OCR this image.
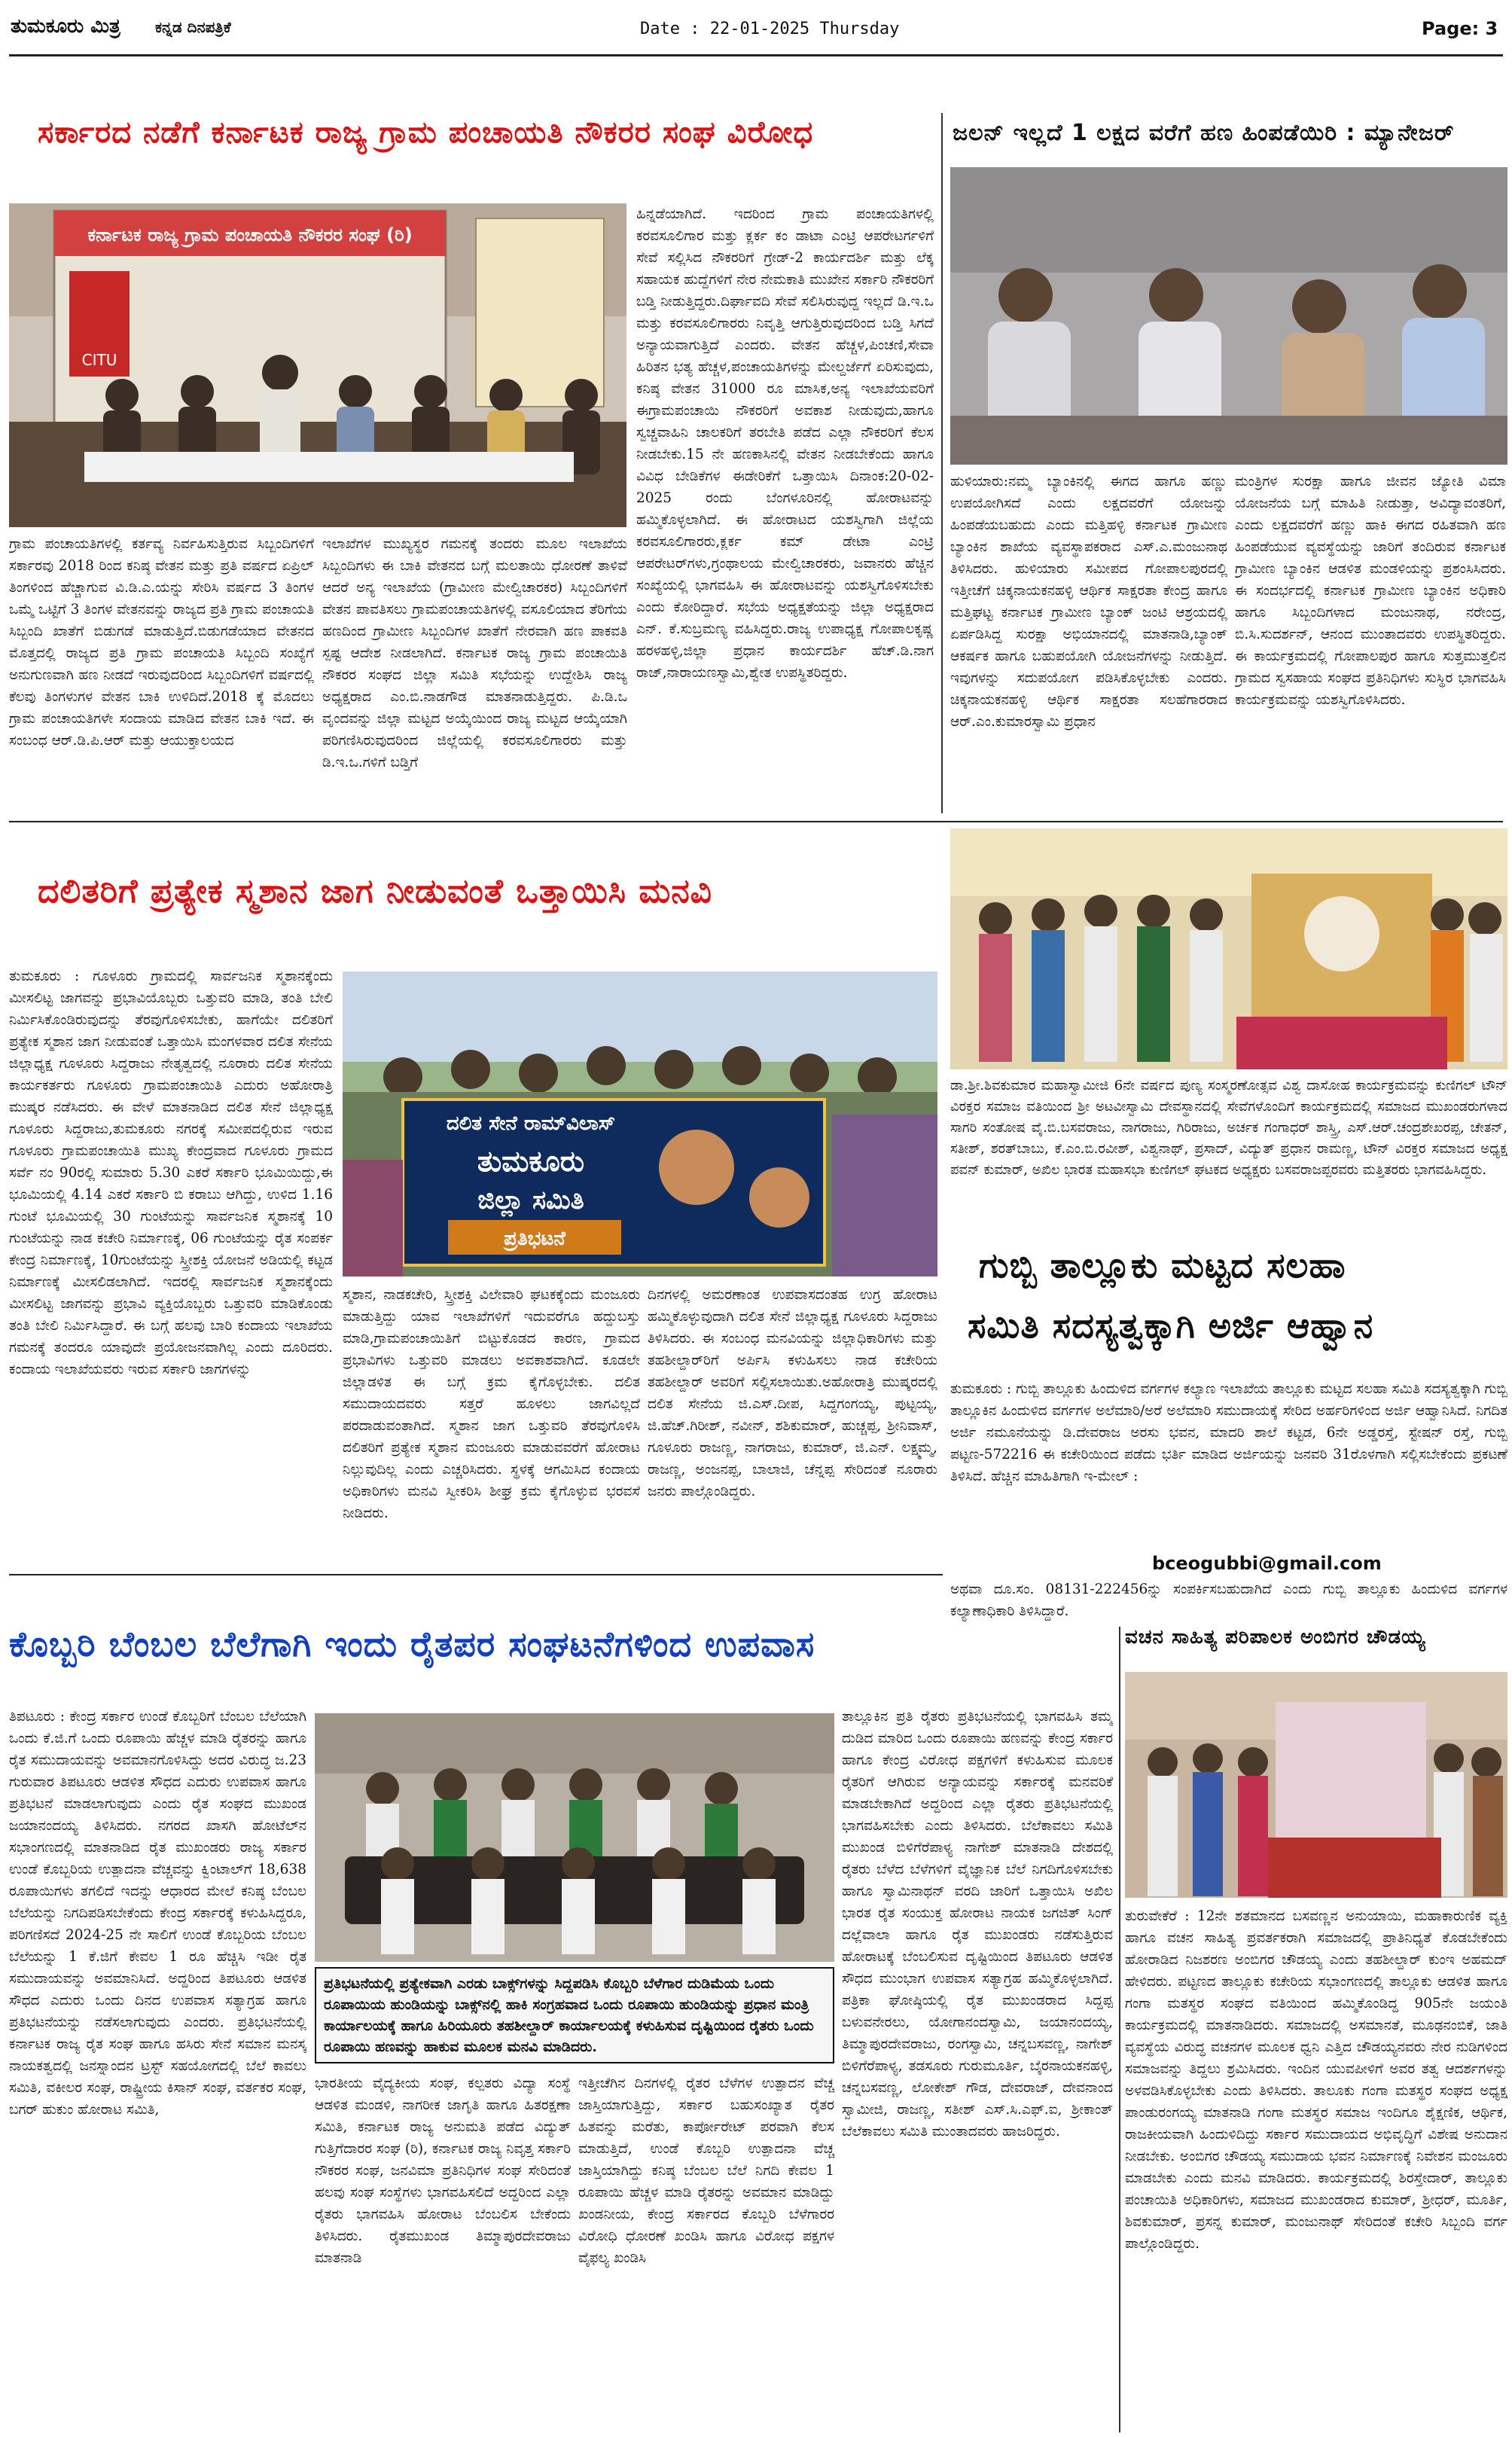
ತುಮಕೂರು ಮಿತ್ರ	ಕನ್ನಡ ದಿನಪತ್ರಿಕೆ	Date : 22-01-2025 Thursday	Page: 3
ಸರ್ಕಾರದ ನಡೆಗೆ ಕರ್ನಾಟಕ ರಾಜ್ಯ ಗ್ರಾಮ ಪಂಚಾಯತಿ ನೌಕರರ ಸಂಘ ವಿರೋಧ
ಕರ್ನಾಟಕ ರಾಜ್ಯ ಗ್ರಾಮ ಪಂಚಾಯತಿ ನೌಕರರ ಸಂಘ (ರಿ)
CITU
ಗ್ರಾಮ ಪಂಚಾಯತಿಗಳಲ್ಲಿ ಕರ್ತವ್ಯ ನಿರ್ವಹಿಸುತ್ತಿರುವ ಸಿಬ್ಬಂದಿಗಳಿಗೆ ಸರ್ಕಾರವು 2018 ರಿಂದ ಕನಿಷ್ಠ ವೇತನ ಮತ್ತು ಪ್ರತಿ ವರ್ಷದ ಏಪ್ರಿಲ್ ತಿಂಗಳಿಂದ ಹೆಚ್ಚಾಗುವ ವಿ.ಡಿ.ಎ.ಯನ್ನು ಸೇರಿಸಿ ವರ್ಷದ 3 ತಿಂಗಳ ಒಮ್ಮೆ ಒಟ್ಟಿಗೆ 3 ತಿಂಗಳ ವೇತನವನ್ನು ರಾಜ್ಯದ ಪ್ರತಿ ಗ್ರಾಮ ಪಂಚಾಯತಿ ಸಿಬ್ಬಂದಿ ಖಾತೆಗೆ ಬಿಡುಗಡೆ ಮಾಡುತ್ತಿದೆ.ಬಿಡುಗಡೆಯಾದ ವೇತನದ ಮೊತ್ತದಲ್ಲಿ ರಾಜ್ಯದ ಪ್ರತಿ ಗ್ರಾಮ ಪಂಚಾಯತಿ ಸಿಬ್ಬಂದಿ ಸಂಖ್ಯೆಗೆ ಅನುಗುಣವಾಗಿ ಹಣ ನೀಡದೆ ಇರುವುದರಿಂದ ಸಿಬ್ಬಂದಿಗಳಿಗೆ ವರ್ಷದಲ್ಲಿ ಕೆಲವು ತಿಂಗಳುಗಳ ವೇತನ ಬಾಕಿ ಉಳಿದಿದೆ.2018 ಕ್ಕೆ ಮೊದಲು ಗ್ರಾಮ ಪಂಚಾಯತಿಗಳೇ ಸಂದಾಯ ಮಾಡಿದ ವೇತನ ಬಾಕಿ ಇದೆ. ಈ ಸಂಬಂಧ ಆರ್.ಡಿ.ಪಿ.ಆರ್ ಮತ್ತು ಆಯುಕ್ತಾಲಯದ
ಇಲಾಖೆಗಳ ಮುಖ್ಯಸ್ಥರ ಗಮನಕ್ಕೆ ತಂದರು ಮೂಲ ಇಲಾಖೆಯ ಸಿಬ್ಬಂದಿಗಳು ಈ ಬಾಕಿ ವೇತನದ ಬಗ್ಗೆ ಮಲತಾಯಿ ಧೋರಣೆ ತಾಳಿವೆ ಆದರೆ ಅನ್ಯ ಇಲಾಖೆಯ (ಗ್ರಾಮೀಣ ಮೇಲ್ವಿಚಾರಕರ) ಸಿಬ್ಬಂದಿಗಳಿಗೆ ವೇತನ ಪಾವತಿಸಲು ಗ್ರಾಮಪಂಚಾಯತಿಗಳಲ್ಲಿ ವಸೂಲಿಯಾದ ತೆರಿಗೆಯ ಹಣದಿಂದ ಗ್ರಾಮೀಣ ಸಿಬ್ಬಂದಿಗಳ ಖಾತೆಗೆ ನೇರವಾಗಿ ಹಣ ಪಾಕವತಿ ಸ್ಪಷ್ಟ ಆದೇಶ ನೀಡಲಾಗಿದೆ. ಕರ್ನಾಟಕ ರಾಜ್ಯ ಗ್ರಾಮ ಪಂಚಾಯಿತಿ ನೌಕರರ ಸಂಘದ ಜಿಲ್ಲಾ ಸಮಿತಿ ಸಭೆಯನ್ನು ಉದ್ದೇಶಿಸಿ ರಾಜ್ಯ ಅಧ್ಯಕ್ಷರಾದ ಎಂ.ಬಿ.ನಾಡಗೌಡ ಮಾತನಾಡುತ್ತಿದ್ದರು. ಪಿ.ಡಿ.ಒ ವೃಂದವನ್ನು ಜಿಲ್ಲಾ ಮಟ್ಟದ ಅಯ್ಕೆಯಿಂದ ರಾಜ್ಯ ಮಟ್ಟದ ಆಯ್ಕೆಯಾಗಿ ಪರಿಗಣಿಸಿರುವುದರಿಂದ ಜಿಲ್ಲೆಯಲ್ಲಿ ಕರವಸೂಲಿಗಾರರು ಮತ್ತು ಡಿ.ಇ.ಒ.ಗಳಿಗೆ ಬಡ್ತಿಗೆ
ಹಿನ್ನಡೆಯಾಗಿದೆ. ಇದರಿಂದ ಗ್ರಾಮ ಪಂಚಾಯತಿಗಳಲ್ಲಿ ಕರವಸೂಲಿಗಾರ ಮತ್ತು ಕ್ಲರ್ಕ ಕಂ ಡಾಟಾ ಎಂಟ್ರಿ ಆಪರೇಟರ್ಗಳಿಗೆ ಸೇವೆ ಸಲ್ಲಿಸಿದ ನೌಕರರಿಗೆ ಗ್ರೇಡ್-2 ಕಾರ್ಯದರ್ಶಿ ಮತ್ತು ಲೆಕ್ಕ ಸಹಾಯಕ ಹುದ್ದೆಗಳಿಗೆ ನೇರ ನೇಮಕಾತಿ ಮುಖೇನ ಸರ್ಕಾರಿ ನೌಕರರಿಗೆ ಬಡ್ತಿ ನೀಡುತ್ತಿದ್ದರು.ದಿರ್ಘಾವದಿ ಸೇವೆ ಸಲಿಸಿರುವುದ್ದ ಇಲ್ಲದೆ ಡಿ.ಇ.ಒ ಮತ್ತು ಕರವಸೂಲಿಗಾರರು ನಿವೃತ್ತಿ ಆಗುತ್ತಿರುವುದರಿಂದ ಬಡ್ತಿ ಸಿಗದೆ ಅನ್ಯಾಯವಾಗುತ್ತಿದೆ ಎಂದರು. ವೇತನ ಹೆಚ್ಚಳ,ಪಿಂಚಣಿ,ಸೇವಾ ಹಿರಿತನ ಭತ್ಯ ಹೆಚ್ಚಳ,ಪಂಚಾಯತಿಗಳನ್ನು ಮೇಲ್ದರ್ಜೆಗೆ ಏರಿಸುವುದು, ಕನಿಷ್ಠ ವೇತನ 31000 ರೂ ಮಾಸಿಕ,ಅನ್ಯ ಇಲಾಖೆಯವರಿಗೆ ಈಗ್ರಾಮಪಂಚಾಯಿ ನೌಕರರಿಗೆ ಅವಕಾಶ ನೀಡುವುದು,ಹಾಗೂ ಸ್ವಚ್ಚವಾಹಿನಿ ಚಾಲಕರಿಗೆ ತರಬೇತಿ ಪಡೆದ ಎಲ್ಲಾ ನೌಕರರಿಗೆ ಕೆಲಸ ನೀಡಬೇಕು.15 ನೇ ಹಣಕಾಸಿನಲ್ಲಿ ವೇತನ ನೀಡಬೇಕೆಂದು ಹಾಗೂ ವಿವಿಧ ಬೇಡಿಕೆಗಳ ಈಡೇರಿಕೆಗೆ ಒತ್ತಾಯಿಸಿ ದಿನಾಂಕ:20-02-2025 ರಂದು ಬೆಂಗಳೂರಿನಲ್ಲಿ ಹೋರಾಟವನ್ನು ಹಮ್ಮಿಕೊಳ್ಳಲಾಗಿದೆ. ಈ ಹೋರಾಟದ ಯಶಸ್ವಿಗಾಗಿ ಜಿಲ್ಲೆಯ ಕರವಸೂಲಿಗಾರರು,ಕ್ಲರ್ಕ ಕಮ್ ಡೇಟಾ ಎಂಟ್ರಿ ಆಪರೇಟರ್‌ಗಳು,ಗ್ರಂಥಾಲಯ ಮೇಲ್ವಿಚಾರಕರು, ಜವಾನರು ಹೆಚ್ಚಿನ ಸಂಖ್ಯೆಯಲ್ಲಿ ಭಾಗವಹಿಸಿ ಈ ಹೋರಾಟವನ್ನು ಯಶಸ್ವಿಗೊಳಿಸಬೇಕು ಎಂದು ಕೋರಿದ್ದಾರೆ. ಸಭೆಯ ಅಧ್ಯಕ್ಷತೆಯನ್ನು ಜಿಲ್ಲಾ ಅಧ್ಯಕ್ಷರಾದ ಎನ್. ಕೆ.ಸುಬ್ರಮಣ್ಯ ವಹಿಸಿದ್ದರು.ರಾಜ್ಯ ಉಪಾಧ್ಯಕ್ಷ ಗೋಪಾಲಕೃಷ್ಣ ಹರಳಹಳ್ಳಿ,ಜಿಲ್ಲಾ ಪ್ರಧಾನ ಕಾರ್ಯದರ್ಶಿ ಹೆಚ್.ಡಿ.ನಾಗ ರಾಜ್,ನಾರಾಯಣಸ್ವಾಮಿ,ಶ್ವೇತ ಉಪಸ್ಥಿತರಿದ್ದರು.
ಜಲನ್ ಇಲ್ಲದೆ 1 ಲಕ್ಷದ ವರೆಗೆ ಹಣ ಹಿಂಪಡೆಯಿರಿ : ಮ್ಯಾನೇಜರ್
ಹುಳಿಯಾರು:ನಮ್ಮ ಬ್ಯಾಂಕಿನಲ್ಲಿ ಈಗದ ಹಾಗೂ ಹಣ್ಣು ಉಪಯೋಗಿಸದೆ ಎಂದು ಲಕ್ಷದವರೆಗೆ ಯೋಜನ್ನು ಹಿಂಪಡೆಯಬಹುದು ಎಂದು ಮತ್ತಿಹಳ್ಳಿ ಕರ್ನಾಟಕ ಗ್ರಾಮೀಣ ಬ್ಯಾಂಕಿನ ಶಾಖೆಯ ವ್ಯವಸ್ಥಾಪಕರಾದ ಎಸ್.ಎ.ಮಂಜುನಾಥ ತಿಳಿಸಿದರು. ಹುಳಿಯಾರು ಸಮೀಪದ ಗೋಪಾಲಪುರದಲ್ಲಿ ಇತ್ತೀಚೆಗೆ ಚಿಕ್ಕನಾಯಕನಹಳ್ಳಿ ಆರ್ಥಿಕ ಸಾಕ್ಷರತಾ ಕೇಂದ್ರ ಹಾಗೂ ಮತ್ತಿಘಟ್ಟ ಕರ್ನಾಟಕ ಗ್ರಾಮೀಣ ಬ್ಯಾಂಕ್ ಜಂಟಿ ಆಶ್ರಯದಲ್ಲಿ ಏರ್ಪಡಿಸಿದ್ದ ಸುರಕ್ಷಾ ಅಭಿಯಾನದಲ್ಲಿ ಮಾತನಾಡಿ,ಬ್ಯಾಂಕ್ ಆಕರ್ಷಕ ಹಾಗೂ ಬಹುಪಯೋಗಿ ಯೋಜನೆಗಳನ್ನು ನೀಡುತ್ತಿದೆ. ಇವುಗಳನ್ನು ಸದುಪಯೋಗ ಪಡಿಸಿಕೊಳ್ಳಬೇಕು ಎಂದರು. ಚಿಕ್ಕನಾಯಕನಹಳ್ಳಿ ಆರ್ಥಿಕ ಸಾಕ್ಷರತಾ ಸಲಹೆಗಾರರಾದ ಆರ್.ಎಂ.ಕುಮಾರಸ್ವಾಮಿ ಪ್ರಧಾನ
ಮಂತ್ರಿಗಳ ಸುರಕ್ಷಾ ಹಾಗೂ ಜೀವನ ಜ್ಯೋತಿ ವಿಮಾ ಯೋಜನೆಯ ಬಗ್ಗೆ ಮಾಹಿತಿ ನೀಡುತ್ತಾ, ಅವಿದ್ಯಾವಂತರಿಗೆ, ಎಂದು ಲಕ್ಷದವರೆಗೆ ಹಣ್ಣು ಹಾಕಿ ಈಗದ ರಹಿತವಾಗಿ ಹಣ ಹಿಂಪಡೆಯುವ ವ್ಯವಸ್ಥೆಯನ್ನು ಜಾರಿಗೆ ತಂದಿರುವ ಕರ್ನಾಟಕ ಗ್ರಾಮೀಣ ಬ್ಯಾಂಕಿನ ಆಡಳಿತ ಮಂಡಳಿಯನ್ನು ಪ್ರಶಂಸಿಸಿದರು. ಈ ಸಂದರ್ಭದಲ್ಲಿ ಕರ್ನಾಟಕ ಗ್ರಾಮೀಣ ಬ್ಯಾಂಕಿನ ಅಧಿಕಾರಿ ಹಾಗೂ ಸಿಬ್ಬಂದಿಗಳಾದ ಮಂಜುನಾಥ, ನರೇಂದ್ರ, ಬಿ.ಸಿ.ಸುದರ್ಶನ್, ಆನಂದ ಮುಂತಾದವರು ಉಪಸ್ಥಿತರಿದ್ದರು. ಈ ಕಾರ್ಯಕ್ರಮದಲ್ಲಿ ಗೋಪಾಲಪುರ ಹಾಗೂ ಸುತ್ತಮುತ್ತಲಿನ ಗ್ರಾಮದ ಸ್ವಸಹಾಯ ಸಂಘದ ಪ್ರತಿನಿಧಿಗಳು ಸುಸ್ಥಿರ ಭಾಗವಹಿಸಿ ಕಾರ್ಯಕ್ರಮವನ್ನು ಯಶಸ್ವಿಗೊಳಿಸಿದರು.
ದಲಿತರಿಗೆ ಪ್ರತ್ಯೇಕ ಸ್ಮಶಾನ ಜಾಗ ನೀಡುವಂತೆ ಒತ್ತಾಯಿಸಿ ಮನವಿ
ತುಮಕೂರು : ಗೂಳೂರು ಗ್ರಾಮದಲ್ಲಿ ಸಾರ್ವಜನಿಕ ಸ್ಮಶಾನಕ್ಕೆಂದು ಮೀಸಲಿಟ್ಟ ಜಾಗವನ್ನು ಪ್ರಭಾವಿಯೊಬ್ಬರು ಒತ್ತುವರಿ ಮಾಡಿ, ತಂತಿ ಬೇಲಿ ನಿರ್ಮಿಸಿಕೊಂಡಿರುವುದನ್ನು ತೆರವುಗೊಳಿಸಬೇಕು, ಹಾಗೆಯೇ ದಲಿತರಿಗೆ ಪ್ರತ್ಯೇಕ ಸ್ಮಶಾನ ಜಾಗ ನೀಡುವಂತೆ ಒತ್ತಾಯಿಸಿ ಮಂಗಳವಾರ ದಲಿತ ಸೇನೆಯ ಜಿಲ್ಲಾಧ್ಯಕ್ಷ ಗೂಳೂರು ಸಿದ್ದರಾಜು ನೇತೃತ್ವದಲ್ಲಿ ನೂರಾರು ದಲಿತ ಸೇನೆಯ ಕಾರ್ಯಕರ್ತರು ಗೂಳೂರು ಗ್ರಾಮಪಂಚಾಯಿತಿ ಎದುರು ಅಹೋರಾತ್ರಿ ಮುಷ್ಕರ ನಡೆಸಿದರು. ಈ ವೇಳೆ ಮಾತನಾಡಿದ ದಲಿತ ಸೇನೆ ಜಿಲ್ಲಾಧ್ಯಕ್ಷ ಗೂಳೂರು ಸಿದ್ದರಾಜು,ತುಮಕೂರು ನಗರಕ್ಕೆ ಸಮೀಪದಲ್ಲಿರುವ ಇರುವ ಗೂಳೂರು ಗ್ರಾಮಪಂಚಾಯಿತಿ ಮುಖ್ಯ ಕೇಂದ್ರವಾದ ಗೂಳೂರು ಗ್ರಾಮದ ಸರ್ವೆ ನಂ 90ರಲ್ಲಿ ಸುಮಾರು 5.30 ಎಕರೆ ಸರ್ಕಾರಿ ಭೂಮಿಯಿದ್ದು,ಈ ಭೂಮಿಯಲ್ಲಿ 4.14 ಎಕರೆ ಸರ್ಕಾರಿ ಬಿ ಕರಾಬು ಆಗಿದ್ದು, ಉಳಿದ 1.16 ಗುಂಟೆ ಭೂಮಿಯಲ್ಲಿ 30 ಗುಂಟೆಯನ್ನು ಸಾರ್ವಜನಿಕ ಸ್ಮಶಾನಕ್ಕೆ 10 ಗುಂಟೆಯನ್ನು ನಾಡ ಕಚೇರಿ ನಿರ್ಮಾಣಕ್ಕೆ, 06 ಗುಂಟೆಯನ್ನು ರೈತ ಸಂಪರ್ಕ ಕೇಂದ್ರ ನಿರ್ಮಾಣಕ್ಕೆ, 10ಗುಂಟೆಯನ್ನು ಸ್ತ್ರೀಶಕ್ತಿ ಯೋಜನೆ ಅಡಿಯಲ್ಲಿ ಕಟ್ಟಡ ನಿರ್ಮಾಣಕ್ಕೆ ಮೀಸಲಿಡಲಾಗಿದೆ. ಇದರಲ್ಲಿ ಸಾರ್ವಜನಿಕ ಸ್ಮಶಾನಕ್ಕೆಂದು ಮೀಸಲಿಟ್ಟ ಜಾಗವನ್ನು ಪ್ರಭಾವಿ ವ್ಯಕ್ತಿಯೊಬ್ಬರು ಒತ್ತುವರಿ ಮಾಡಿಕೊಂಡು ತಂತಿ ಬೇಲಿ ನಿರ್ಮಿಸಿದ್ದಾರೆ. ಈ ಬಗ್ಗೆ ಹಲವು ಬಾರಿ ಕಂದಾಯ ಇಲಾಖೆಯ ಗಮನಕ್ಕೆ ತಂದರೂ ಯಾವುದೇ ಪ್ರಯೋಜನವಾಗಿಲ್ಲ ಎಂದು ದೂರಿದರು. ಕಂದಾಯ ಇಲಾಖೆಯವರು ಇರುವ ಸರ್ಕಾರಿ ಜಾಗಗಳನ್ನು
ದಲಿತ ಸೇನೆ ರಾಮ್‌ವಿಲಾಸ್
ತುಮಕೂರು
ಜಿಲ್ಲಾ ಸಮಿತಿ
ಪ್ರತಿಭಟನೆ
ಸ್ಮಶಾನ, ನಾಡಕಚೇರಿ, ಸ್ತ್ರೀಶಕ್ತಿ ವಿಲೇವಾರಿ ಘಟಕಕ್ಕೆಂದು ಮಂಜೂರು ಮಾಡುತ್ತಿದ್ದು ಯಾವ ಇಲಾಖೆಗಳಿಗೆ ಇದುವರೆಗೂ ಹದ್ದುಬಸ್ತು ಮಾಡಿ,ಗ್ರಾಮಪಂಚಾಯಿತಿಗೆ ಬಿಟ್ಟುಕೊಡದ ಕಾರಣ, ಗ್ರಾಮದ ಪ್ರಭಾವಿಗಳು ಒತ್ತುವರಿ ಮಾಡಲು ಅವಕಾಶವಾಗಿದೆ. ಕೂಡಲೇ ಜಿಲ್ಲಾಡಳಿತ ಈ ಬಗ್ಗೆ ಕ್ರಮ ಕೈಗೊಳ್ಳಬೇಕು. ದಲಿತ ಸಮುದಾಯದವರು ಸತ್ತರೆ ಹೂಳಲು ಜಾಗವಿಲ್ಲದೆ ಪರದಾಡುವಂತಾಗಿದೆ. ಸ್ಮಶಾನ ಜಾಗ ಒತ್ತುವರಿ ತೆರವುಗೊಳಿಸಿ ದಲಿತರಿಗೆ ಪ್ರತ್ಯೇಕ ಸ್ಮಶಾನ ಮಂಜೂರು ಮಾಡುವವರೆಗೆ ಹೋರಾಟ ನಿಲ್ಲುವುದಿಲ್ಲ ಎಂದು ಎಚ್ಚರಿಸಿದರು. ಸ್ಥಳಕ್ಕೆ ಆಗಮಿಸಿದ ಕಂದಾಯ ಅಧಿಕಾರಿಗಳು ಮನವಿ ಸ್ವೀಕರಿಸಿ ಶೀಘ್ರ ಕ್ರಮ ಕೈಗೊಳ್ಳುವ ಭರವಸೆ ನೀಡಿದರು.
ದಿನಗಳಲ್ಲಿ ಅಮರಣಾಂತ ಉಪವಾಸದಂತಹ ಉಗ್ರ ಹೋರಾಟ ಹಮ್ಮಿಕೊಳ್ಳುವುದಾಗಿ ದಲಿತ ಸೇನೆ ಜಿಲ್ಲಾಧ್ಯಕ್ಷ ಗೂಳೂರು ಸಿದ್ದರಾಜು ತಿಳಿಸಿದರು. ಈ ಸಂಬಂಧ ಮನವಿಯನ್ನು ಜಿಲ್ಲಾಧಿಕಾರಿಗಳು ಮತ್ತು ತಹಶೀಲ್ದಾರ್‌ರಿಗೆ ಅರ್ಪಿಸಿ ಕಳುಹಿಸಲು ನಾಡ ಕಚೇರಿಯ ತಹಶೀಲ್ದಾರ್ ಅವರಿಗೆ ಸಲ್ಲಿಸಲಾಯಿತು.ಅಹೋರಾತ್ರಿ ಮುಷ್ಕರದಲ್ಲಿ ದಲಿತ ಸೇನೆಯ ಜಿ.ಎಸ್.ದೀಪ, ಸಿದ್ದಗಂಗಯ್ಯ, ಪುಟ್ಟಯ್ಯ, ಜಿ.ಹೆಚ್.ಗಿರೀಶ್, ನವೀನ್, ಶಶಿಕುಮಾರ್, ಹುಚ್ಚಪ್ಪ, ಶ್ರೀನಿವಾಸ್, ಗೂಳೂರು ರಾಜಣ್ಣ, ನಾಗರಾಜು, ಕುಮಾರ್, ಜಿ.ಎನ್. ಲಕ್ಷ್ಮಮ್ಮ, ರಾಜಣ್ಣ, ಅಂಜನಪ್ಪ, ಬಾಲಾಜಿ, ಚೆನ್ನಪ್ಪ ಸೇರಿದಂತೆ ನೂರಾರು ಜನರು ಪಾಲ್ಗೊಂಡಿದ್ದರು.
ಡಾ.ಶ್ರೀ.ಶಿವಕುಮಾರ ಮಹಾಸ್ವಾಮೀಜಿ 6ನೇ ವರ್ಷದ ಪುಣ್ಯ ಸಂಸ್ಮರಣೋತ್ಸವ ವಿಶ್ವ ದಾಸೋಹ ಕಾರ್ಯಕ್ರಮವನ್ನು ಕುಣಿಗಲ್ ಟೌನ್ ವಿರಕ್ತರ ಸಮಾಜ ವತಿಯಿಂದ ಶ್ರೀ ಅಟವೀಸ್ವಾಮಿ ದೇವಸ್ಥಾನದಲ್ಲಿ ಸೇವೆಗಳೊಂದಿಗೆ ಕಾರ್ಯಕ್ರಮದಲ್ಲಿ ಸಮಾಜದ ಮುಖಂಡರುಗಳಾದ ಸಾಗರಿ ಸಂತೋಷ ವೈ.ಬಿ.ಬಸವರಾಜು, ನಾಗರಾಜು, ಗಿರಿರಾಜು, ಅರ್ಚಕ ಗಂಗಾಧರ್ ಶಾಸ್ತ್ರಿ, ಎಸ್.ಆರ್.ಚಂದ್ರಶೇಖರಪ್ಪ, ಚೇತನ್, ಸತೀಶ್, ಶರತ್‌ಬಾಬು, ಕೆ.ಎಂ.ಬಿ.ರವೀಶ್, ವಿಶ್ವನಾಥ್, ಪ್ರಸಾದ್, ವಿದ್ಯುತ್ ಪ್ರಧಾನ ರಾಮಣ್ಣ, ಟೌನ್ ವಿರಕ್ತರ ಸಮಾಜದ ಅಧ್ಯಕ್ಷ ಪವನ್ ಕುಮಾರ್, ಅಖಿಲ ಭಾರತ ಮಹಾಸಭಾ ಕುಣಿಗಲ್ ಘಟಕದ ಅಧ್ಯಕ್ಷರು ಬಸವರಾಜಪ್ಪರವರು ಮತ್ತಿತರರು ಭಾಗವಹಿಸಿದ್ದರು.
ಗುಬ್ಬಿ ತಾಲ್ಲೂಕು ಮಟ್ಟದ ಸಲಹಾ
ಸಮಿತಿ ಸದಸ್ಯತ್ವಕ್ಕಾಗಿ ಅರ್ಜಿ ಆಹ್ವಾನ
ತುಮಕೂರು : ಗುಬ್ಬಿ ತಾಲ್ಲೂಕು ಹಿಂದುಳಿದ ವರ್ಗಗಳ ಕಲ್ಯಾಣ ಇಲಾಖೆಯ ತಾಲ್ಲೂಕು ಮಟ್ಟದ ಸಲಹಾ ಸಮಿತಿ ಸದಸ್ಯತ್ವಕ್ಕಾಗಿ ಗುಬ್ಬಿ ತಾಲ್ಲೂಕಿನ ಹಿಂದುಳಿದ ವರ್ಗಗಳ ಅಲೆಮಾರಿ/ಅರೆ ಅಲೆಮಾರಿ ಸಮುದಾಯಕ್ಕೆ ಸೇರಿದ ಅರ್ಹರಿಗಳಿಂದ ಅರ್ಜಿ ಆಹ್ವಾನಿಸಿದೆ. ನಿಗದಿತ ಅರ್ಜಿ ನಮೂನೆಯನ್ನು ಡಿ.ದೇವರಾಜ ಅರಸು ಭವನ, ಮಾದರಿ ಶಾಲೆ ಕಟ್ಟಡ, 6ನೇ ಅಡ್ಡರಸ್ತೆ, ಸ್ಟೇಷನ್ ರಸ್ತೆ, ಗುಬ್ಬಿ ಪಟ್ಟಣ-572216 ಈ ಕಚೇರಿಯಿಂದ ಪಡೆದು ಭರ್ತಿ ಮಾಡಿದ ಅರ್ಜಿಯನ್ನು ಜನವರಿ 31ರೊಳಗಾಗಿ ಸಲ್ಲಿಸಬೇಕೆಂದು ಪ್ರಕಟಣೆ ತಿಳಿಸಿದೆ. ಹೆಚ್ಚಿನ ಮಾಹಿತಿಗಾಗಿ ಇ-ಮೇಲ್ :
bceogubbi@gmail.com
ಅಥವಾ ದೂ.ಸಂ. 08131-222456ನ್ನು ಸಂಪರ್ಕಿಸಬಹುದಾಗಿದೆ ಎಂದು ಗುಬ್ಬಿ ತಾಲ್ಲೂಕು ಹಿಂದುಳಿದ ವರ್ಗಗಳ ಕಲ್ಯಾಣಾಧಿಕಾರಿ ತಿಳಿಸಿದ್ದಾರೆ.
ಕೊಬ್ಬರಿ ಬೆಂಬಲ ಬೆಲೆಗಾಗಿ ಇಂದು ರೈತಪರ ಸಂಘಟನೆಗಳಿಂದ ಉಪವಾಸ
ತಿಪಟೂರು : ಕೇಂದ್ರ ಸರ್ಕಾರ ಉಂಡೆ ಕೊಬ್ಬರಿಗೆ ಬೆಂಬಲ ಬೆಲೆಯಾಗಿ ಒಂದು ಕೆ.ಜಿ.ಗೆ ಒಂದು ರೂಪಾಯಿ ಹೆಚ್ಚಳ ಮಾಡಿ ರೈತರನ್ನು ಹಾಗೂ ರೈತ ಸಮುದಾಯವನ್ನು ಅವಮಾನಗೊಳಿಸಿದ್ದು ಅದರ ವಿರುದ್ಧ ಜ.23 ಗುರುವಾರ ತಿಪಟೂರು ಆಡಳಿತ ಸೌಧದ ಎದುರು ಉಪವಾಸ ಹಾಗೂ ಪ್ರತಿಭಟನೆ ಮಾಡಲಾಗುವುದು ಎಂದು ರೈತ ಸಂಘದ ಮುಖಂಡ ಜಯಾನಂದಯ್ಯ ತಿಳಿಸಿದರು. ನಗರದ ಖಾಸಗಿ ಹೋಟೆಲ್‌ನ ಸಭಾಂಗಣದಲ್ಲಿ ಮಾತನಾಡಿದ ರೈತ ಮುಖಂಡರು ರಾಜ್ಯ ಸರ್ಕಾರ ಉಂಡೆ ಕೊಬ್ಬರಿಯ ಉತ್ಪಾದನಾ ವೆಚ್ಚವನ್ನು ಕ್ವಿಂಟಾಲ್‌ಗೆ 18,638 ರೂಪಾಯಿಗಳು ತಗಲಿದೆ ಇದನ್ನು ಆಧಾರದ ಮೇಲೆ ಕನಿಷ್ಠ ಬೆಂಬಲ ಬೆಲೆಯನ್ನು ನಿಗದಿಪಡಿಸಬೇಕೆಂದು ಕೇಂದ್ರ ಸರ್ಕಾರಕ್ಕೆ ಕಳುಹಿಸಿದ್ದರೂ, ಪರಿಗಣಿಸದೆ 2024-25 ನೇ ಸಾಲಿಗೆ ಉಂಡೆ ಕೊಬ್ಬರಿಯ ಬೆಂಬಲ ಬೆಲೆಯನ್ನು 1 ಕೆ.ಜಿಗೆ ಕೇವಲ 1 ರೂ ಹೆಚ್ಚಿಸಿ ಇಡೀ ರೈತ ಸಮುದಾಯವನ್ನು ಅವಮಾನಿಸಿದೆ. ಅದ್ದರಿಂದ ತಿಪಟೂರು ಆಡಳಿತ ಸೌಧದ ಎದುರು ಒಂದು ದಿನದ ಉಪವಾಸ ಸತ್ಯಾಗ್ರಹ ಹಾಗೂ ಪ್ರತಿಭಟನೆಯನ್ನು ನಡೆಸಲಾಗುವುದು ಎಂದರು. ಪ್ರತಿಭಟನೆಯಲ್ಲಿ ಕರ್ನಾಟಕ ರಾಜ್ಯ ರೈತ ಸಂಘ ಹಾಗೂ ಹಸಿರು ಸೇನೆ ಸಮಾನ ಮನಸ್ಕ ನಾಯಕತ್ವದಲ್ಲಿ ಜನಸ್ನಾಂದನ ಟ್ರಸ್ಟ್ ಸಹಯೋಗದಲ್ಲಿ ಬೆಲೆ ಕಾವಲು ಸಮಿತಿ, ವಕೀಲರ ಸಂಘ, ರಾಷ್ಟ್ರೀಯ ಕಿಸಾನ್ ಸಂಘ, ವರ್ತಕರ ಸಂಘ, ಬಗರ್ ಹುಕುಂ ಹೋರಾಟ ಸಮಿತಿ,
ಪ್ರತಿಭಟನೆಯಲ್ಲಿ ಪ್ರತ್ಯೇಕವಾಗಿ ಎರಡು ಬಾಕ್ಸ್‌ಗಳನ್ನು ಸಿದ್ದಪಡಿಸಿ ಕೊಬ್ಬರಿ ಬೆಳೆಗಾರ ದುಡಿಮೆಯ ಒಂದು ರೂಪಾಯಿಯ ಹುಂಡಿಯನ್ನು ಬಾಕ್ಸ್‌ನಲ್ಲಿ ಹಾಕಿ ಸಂಗ್ರಹವಾದ ಒಂದು ರೂಪಾಯಿ ಹುಂಡಿಯನ್ನು ಪ್ರಧಾನ ಮಂತ್ರಿ ಕಾರ್ಯಾಲಯಕ್ಕೆ ಹಾಗೂ ಹಿರಿಯೂರು ತಹಶೀಲ್ದಾರ್ ಕಾರ್ಯಾಲಯಕ್ಕೆ ಕಳುಹಿಸುವ ದೃಷ್ಟಿಯಿಂದ ರೈತರು ಒಂದು ರೂಪಾಯಿ ಹಣವನ್ನು ಹಾಕುವ ಮೂಲಕ ಮನವಿ ಮಾಡಿದರು.
ಭಾರತೀಯ ವೈದ್ಯಕೀಯ ಸಂಘ, ಕಲ್ಪತರು ವಿದ್ಯಾ ಸಂಸ್ಥೆ ಆಡಳಿತ ಮಂಡಳಿ, ನಾಗರೀಕ ಜಾಗೃತಿ ಹಾಗೂ ಹಿತರಕ್ಷಣಾ ಸಮಿತಿ, ಕರ್ನಾಟಕ ರಾಜ್ಯ ಅನುಮತಿ ಪಡೆದ ವಿದ್ಯುತ್ ಗುತ್ತಿಗೆದಾರರ ಸಂಘ (ರಿ), ಕರ್ನಾಟಕ ರಾಜ್ಯ ನಿವೃತ್ತ ಸರ್ಕಾರಿ ನೌಕರರ ಸಂಘ, ಜನವಿಮಾ ಪ್ರತಿನಿಧಿಗಳ ಸಂಘ ಸೇರಿದಂತೆ ಹಲವು ಸಂಘ ಸಂಸ್ಥೆಗಳು ಭಾಗವಹಿಸಲಿದೆ ಅದ್ದರಿಂದ ಎಲ್ಲಾ ರೈತರು ಭಾಗವಹಿಸಿ ಹೋರಾಟ ಬೆಂಬಲಿಸ ಬೇಕೆಂದು ತಿಳಿಸಿದರು. ರೈತಮುಖಂಡ ತಿಮ್ಮಾಪುರದೇವರಾಜು ಮಾತನಾಡಿ
ಇತ್ತೀಚೆಗಿನ ದಿನಗಳಲ್ಲಿ ರೈತರ ಬೆಳೆಗಳ ಉತ್ಪಾದನ ವೆಚ್ಚ ಜಾಸ್ತಿಯಾಗುತ್ತಿದ್ದು, ಸರ್ಕಾರ ಬಹುಸಂಖ್ಯಾತ ರೈತರ ಹಿತವನ್ನು ಮರೆತು, ಕಾರ್ಪೋರೇಟ್ ಪರವಾಗಿ ಕೆಲಸ ಮಾಡುತ್ತಿದೆ, ಉಂಡೆ ಕೊಬ್ಬರಿ ಉತ್ಪಾದನಾ ವೆಚ್ಚ ಜಾಸ್ತಿಯಾಗಿದ್ದು ಕನಿಷ್ಠ ಬೆಂಬಲ ಬೆಲೆ ನಿಗದಿ ಕೇವಲ 1 ರೂಪಾಯಿ ಹೆಚ್ಚಳ ಮಾಡಿ ರೈತರನ್ನು ಅವಮಾನ ಮಾಡಿದ್ದು ಖಂಡನೀಯ, ಕೇಂದ್ರ ಸರ್ಕಾರದ ಕೊಬ್ಬರಿ ಬೆಳೆಗಾರರ ವಿರೋಧಿ ಧೋರಣೆ ಖಂಡಿಸಿ ಹಾಗೂ ವಿರೋಧ ಪಕ್ಷಗಳ ವೈಫಲ್ಯ ಖಂಡಿಸಿ
ತಾಲ್ಲೂಕಿನ ಪ್ರತಿ ರೈತರು ಪ್ರತಿಭಟನೆಯಲ್ಲಿ ಭಾಗವಹಿಸಿ ತಮ್ಮ ದುಡಿದ ಮಾರಿದ ಒಂದು ರೂಪಾಯಿ ಹಣವನ್ನು ಕೇಂದ್ರ ಸರ್ಕಾರ ಹಾಗೂ ಕೇಂದ್ರ ವಿರೋಧ ಪಕ್ಷಗಳಿಗೆ ಕಳುಹಿಸುವ ಮೂಲಕ ರೈತರಿಗೆ ಆಗಿರುವ ಅನ್ಯಾಯವನ್ನು ಸರ್ಕಾರಕ್ಕೆ ಮನವರಿಕೆ ಮಾಡಬೇಕಾಗಿದೆ ಅದ್ದರಿಂದ ಎಲ್ಲಾ ರೈತರು ಪ್ರತಿಭಟನೆಯಲ್ಲಿ ಭಾಗವಹಿಸಬೇಕು ಎಂದು ತಿಳಿಸಿದರು. ಬೆಲೆಕಾವಲು ಸಮಿತಿ ಮುಖಂಡ ಬಿಳಿಗೆರೆಪಾಳ್ಯ ನಾಗೇಶ್ ಮಾತನಾಡಿ ದೇಶದಲ್ಲಿ ರೈತರು ಬೆಳೆದ ಬೆಳೆಗಳಿಗೆ ವೈಜ್ಞಾನಿಕ ಬೆಲೆ ನಿಗದಿಗೊಳಿಸಬೇಕು ಹಾಗೂ ಸ್ವಾಮಿನಾಥನ್ ವರದಿ ಜಾರಿಗೆ ಒತ್ತಾಯಿಸಿ ಅಖಿಲ ಭಾರತ ರೈತ ಸಂಯುಕ್ತ ಹೋರಾಟ ನಾಯಕ ಜಗಜಿತ್ ಸಿಂಗ್ ದಲ್ಲೆವಾಲಾ ಹಾಗೂ ರೈತ ಮುಖಂಡರು ನಡೆಸುತ್ತಿರುವ ಹೋರಾಟಕ್ಕೆ ಬೆಂಬಲಿಸುವ ದೃಷ್ಟಿಯಿಂದ ತಿಪಟೂರು ಆಡಳಿತ ಸೌಧದ ಮುಂಭಾಗ ಉಪವಾಸ ಸತ್ಯಾಗ್ರಹ ಹಮ್ಮಿಕೊಳ್ಳಲಾಗಿದೆ. ಪತ್ರಿಕಾ ಘೋಷ್ಠಿಯಲ್ಲಿ ರೈತ ಮುಖಂಡರಾದ ಸಿದ್ದಪ್ಪ ಬಳುವನೇರಲು, ಯೋಗಾನಂದಸ್ವಾಮಿ, ಜಯಾನಂದಯ್ಯ, ತಿಮ್ಮಾಪುರದೇವರಾಜು, ರಂಗಸ್ವಾಮಿ, ಚನ್ನಬಸವಣ್ಣ, ನಾಗೇಶ್ ಬಿಳಿಗೆರೆಪಾಳ್ಯ, ತಡಸೂರು ಗುರುಮೂರ್ತಿ, ಬೈರನಾಯಕನಹಳ್ಳಿ, ಚನ್ನಬಸವಣ್ಣ, ಲೋಕೇಶ್ ಗೌಡ, ದೇವರಾಜ್, ದೇವನಾಂದ ಸ್ವಾಮೀಜಿ, ರಾಜಣ್ಣ, ಸತೀಶ್ ಎಸ್.ಸಿ.ಎಫ್.ಐ, ಶ್ರೀಕಾಂತ್ ಬೆಲೆಕಾವಲು ಸಮಿತಿ ಮುಂತಾದವರು ಹಾಜರಿದ್ದರು.
ವಚನ ಸಾಹಿತ್ಯ ಪರಿಪಾಲಕ ಅಂಬಿಗರ ಚೌಡಯ್ಯ
ತುರುವೇಕೆರೆ : 12ನೇ ಶತಮಾನದ ಬಸವಣ್ಣನ ಅನುಯಾಯಿ, ಮಹಾಕಾರುಣಿಕ ವ್ಯಕ್ತಿ ಹಾಗೂ ವಚನ ಸಾಹಿತ್ಯ ಪ್ರವರ್ತಕರಾಗಿ ಸಮಾಜದಲ್ಲಿ ಪ್ರಾತಿನಿಧ್ಯತೆ ಕೊಡಬೇಕೆಂದು ಹೋರಾಡಿದ ನಿಜಶರಣ ಅಂಬಿಗರ ಚೌಡಯ್ಯ ಎಂದು ತಹಶೀಲ್ದಾರ್ ಕುಂಇ ಅಹಮದ್ ಹೇಳಿದರು. ಪಟ್ಟಣದ ತಾಲ್ಲೂಕು ಕಚೇರಿಯ ಸಭಾಂಗಣದಲ್ಲಿ ತಾಲ್ಲೂಕು ಆಡಳಿತ ಹಾಗೂ ಗಂಗಾ ಮತಸ್ಥರ ಸಂಘದ ವತಿಯಿಂದ ಹಮ್ಮಿಕೊಂಡಿದ್ದ 905ನೇ ಜಯಂತಿ ಕಾರ್ಯಕ್ರಮದಲ್ಲಿ ಮಾತನಾಡಿದರು. ಸಮಾಜದಲ್ಲಿ ಅಸಮಾನತೆ, ಮೂಢನಂಬಿಕೆ, ಜಾತಿ ವ್ಯವಸ್ಥೆಯ ವಿರುದ್ಧ ವಚನಗಳ ಮೂಲಕ ಧ್ವನಿ ಎತ್ತಿದ ಚೌಡಯ್ಯನವರು ನೇರ ನುಡಿಗಳಿಂದ ಸಮಾಜವನ್ನು ತಿದ್ದಲು ಶ್ರಮಿಸಿದರು. ಇಂದಿನ ಯುವಪೀಳಿಗೆ ಅವರ ತತ್ವ ಆದರ್ಶಗಳನ್ನು ಅಳವಡಿಸಿಕೊಳ್ಳಬೇಕು ಎಂದು ತಿಳಿಸಿದರು. ತಾಲೂಕು ಗಂಗಾ ಮತಸ್ಥರ ಸಂಘದ ಅಧ್ಯಕ್ಷ ಪಾಂಡುರಂಗಯ್ಯ ಮಾತನಾಡಿ ಗಂಗಾ ಮತಸ್ಥರ ಸಮಾಜ ಇಂದಿಗೂ ಶೈಕ್ಷಣಿಕ, ಆರ್ಥಿಕ, ರಾಜಕೀಯವಾಗಿ ಹಿಂದುಳಿದಿದ್ದು ಸರ್ಕಾರ ಸಮುದಾಯದ ಅಭಿವೃದ್ಧಿಗೆ ವಿಶೇಷ ಅನುದಾನ ನೀಡಬೇಕು. ಅಂಬಿಗರ ಚೌಡಯ್ಯ ಸಮುದಾಯ ಭವನ ನಿರ್ಮಾಣಕ್ಕೆ ನಿವೇಶನ ಮಂಜೂರು ಮಾಡಬೇಕು ಎಂದು ಮನವಿ ಮಾಡಿದರು. ಕಾರ್ಯಕ್ರಮದಲ್ಲಿ ಶಿರಸ್ತೇದಾರ್, ತಾಲ್ಲೂಕು ಪಂಚಾಯಿತಿ ಅಧಿಕಾರಿಗಳು, ಸಮಾಜದ ಮುಖಂಡರಾದ ಕುಮಾರ್, ಶ್ರೀಧರ್, ಮೂರ್ತಿ, ಶಿವಕುಮಾರ್, ಪ್ರಸನ್ನ ಕುಮಾರ್, ಮಂಜುನಾಥ್ ಸೇರಿದಂತೆ ಕಚೇರಿ ಸಿಬ್ಬಂದಿ ವರ್ಗ ಪಾಲ್ಗೊಂಡಿದ್ದರು.
